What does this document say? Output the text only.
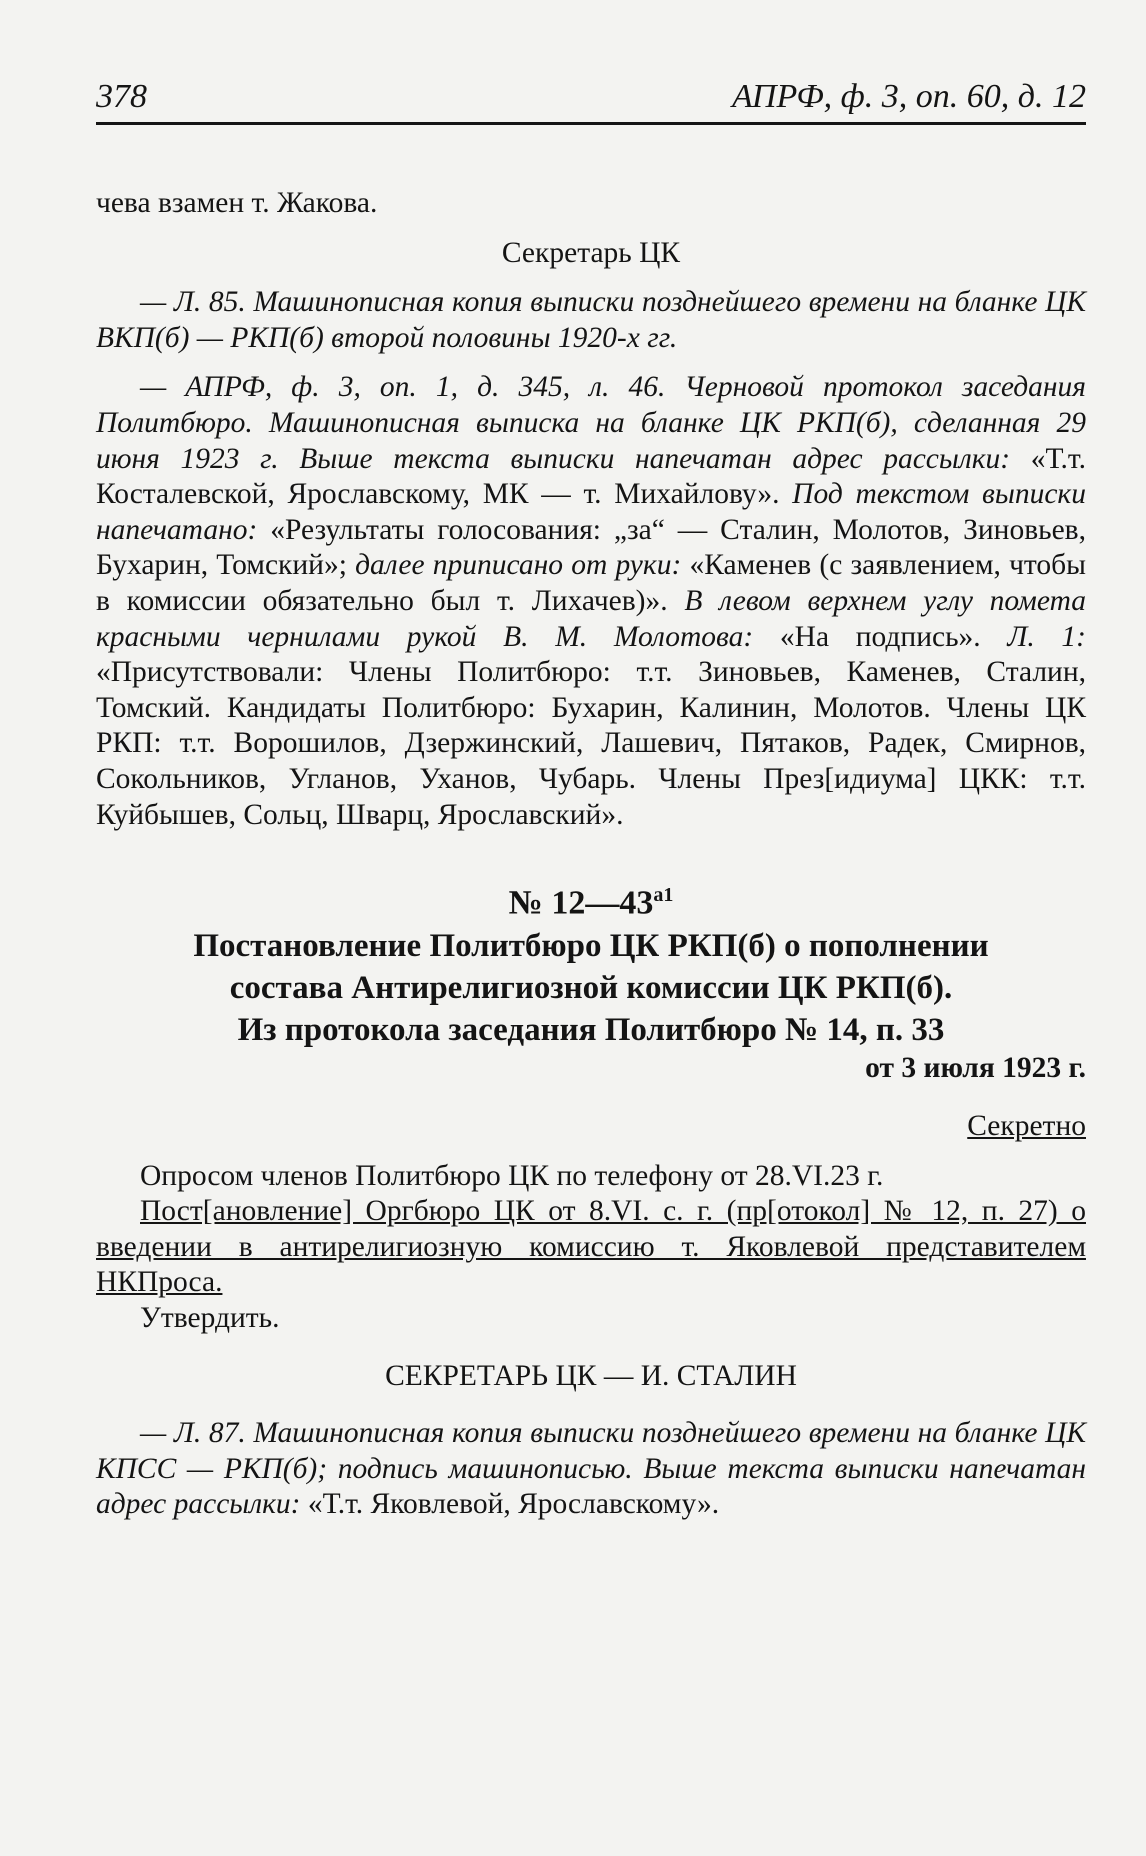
378	АПРФ, ф. 3, оп. 60, д. 12

чева взамен т. Жакова.

Секретарь ЦК

— Л. 85. Машинописная копия выписки позднейшего времени на бланке ЦК ВКП(б) — РКП(б) второй половины 1920-х гг.

— АПРФ, ф. 3, оп. 1, д. 345, л. 46. Черновой протокол заседания Политбюро. Машинописная выписка на бланке ЦК РКП(б), сделанная 29 июня 1923 г. Выше текста выписки напечатан адрес рассылки: «Т.т. Косталевской, Ярославскому, МК — т. Михайлову». Под текстом выписки напечатано: «Результаты голосования: „за“ — Сталин, Молотов, Зиновьев, Бухарин, Томский»; далее приписано от руки: «Каменев (с заявлением, чтобы в комиссии обязательно был т. Лихачев)». В левом верхнем углу помета красными чернилами рукой В. М. Молотова: «На подпись». Л. 1: «Присутствовали: Члены Политбюро: т.т. Зиновьев, Каменев, Сталин, Томский. Кандидаты Политбюро: Бухарин, Калинин, Молотов. Члены ЦК РКП: т.т. Ворошилов, Дзержинский, Лашевич, Пятаков, Радек, Смирнов, Сокольников, Угланов, Уханов, Чубарь. Члены През[идиума] ЦКК: т.т. Куйбышев, Сольц, Шварц, Ярославский».

№ $12—43^{а1}$

Постановление Политбюро ЦК РКП(б) о пополнении

состава Антирелигиозной комиссии ЦК РКП(б).

Из протокола заседания Политбюро № 14, п. 33

от 3 июля 1923 г.

Секретно

Опросом членов Политбюро ЦК по телефону от 28.VI.23 г.

Пост[ановление] Оргбюро ЦК от 8.VI. с. г. (пр[отокол] № 12, п. 27) о введении в антирелигиозную комиссию т. Яковлевой представителем НКПроса.

Утвердить.

СЕКРЕТАРЬ ЦК — И. СТАЛИН

— Л. 87. Машинописная копия выписки позднейшего времени на бланке ЦК КПСС — РКП(б); подпись машинописью. Выше текста выписки напечатан адрес рассылки: «Т.т. Яковлевой, Ярославскому».
